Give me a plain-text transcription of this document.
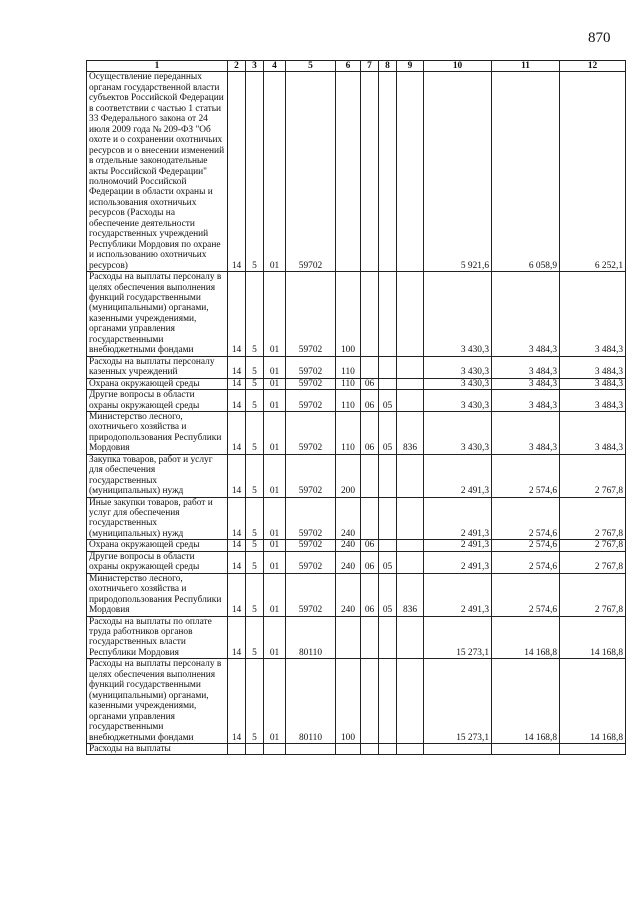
870
1	2	3	4	5	6	7	8	9	10	11	12
Осуществление переданных органам государственной власти субъектов Российской Федерации в соответствии с частью 1 статьи 33 Федерального закона от 24 июля 2009 года № 209-ФЗ "Об охоте и о сохранении охотничьих ресурсов и о внесении изменений в отдельные законодательные акты Российской Федерации" полномочий Российской Федерации в области охраны и использования охотничьих ресурсов (Расходы на обеспечение деятельности государственных учреждений Республики Мордовия по охране и использованию охотничьих ресурсов)	14	5	01	59702					5 921,6	6 058,9	6 252,1
Расходы на выплаты персоналу в целях обеспечения выполнения функций государственными (муниципальными) органами, казенными учреждениями, органами управления государственными внебюджетными фондами	14	5	01	59702	100				3 430,3	3 484,3	3 484,3
Расходы на выплаты персоналу казенных учреждений	14	5	01	59702	110				3 430,3	3 484,3	3 484,3
Охрана окружающей среды	14	5	01	59702	110	06			3 430,3	3 484,3	3 484,3
Другие вопросы в области охраны окружающей среды	14	5	01	59702	110	06	05		3 430,3	3 484,3	3 484,3
Министерство лесного, охотничьего хозяйства и природопользования Республики Мордовия	14	5	01	59702	110	06	05	836	3 430,3	3 484,3	3 484,3
Закупка товаров, работ и услуг для обеспечения государственных (муниципальных) нужд	14	5	01	59702	200				2 491,3	2 574,6	2 767,8
Иные закупки товаров, работ и услуг для обеспечения государственных (муниципальных) нужд	14	5	01	59702	240				2 491,3	2 574,6	2 767,8
Охрана окружающей среды	14	5	01	59702	240	06			2 491,3	2 574,6	2 767,8
Другие вопросы в области охраны окружающей среды	14	5	01	59702	240	06	05		2 491,3	2 574,6	2 767,8
Министерство лесного, охотничьего хозяйства и природопользования Республики Мордовия	14	5	01	59702	240	06	05	836	2 491,3	2 574,6	2 767,8
Расходы на выплаты по оплате труда работников органов государственных власти Республики Мордовия	14	5	01	80110					15 273,1	14 168,8	14 168,8
Расходы на выплаты персоналу в целях обеспечения выполнения функций государственными (муниципальными) органами, казенными учреждениями, органами управления государственными внебюджетными фондами	14	5	01	80110	100				15 273,1	14 168,8	14 168,8
Расходы на выплаты											
